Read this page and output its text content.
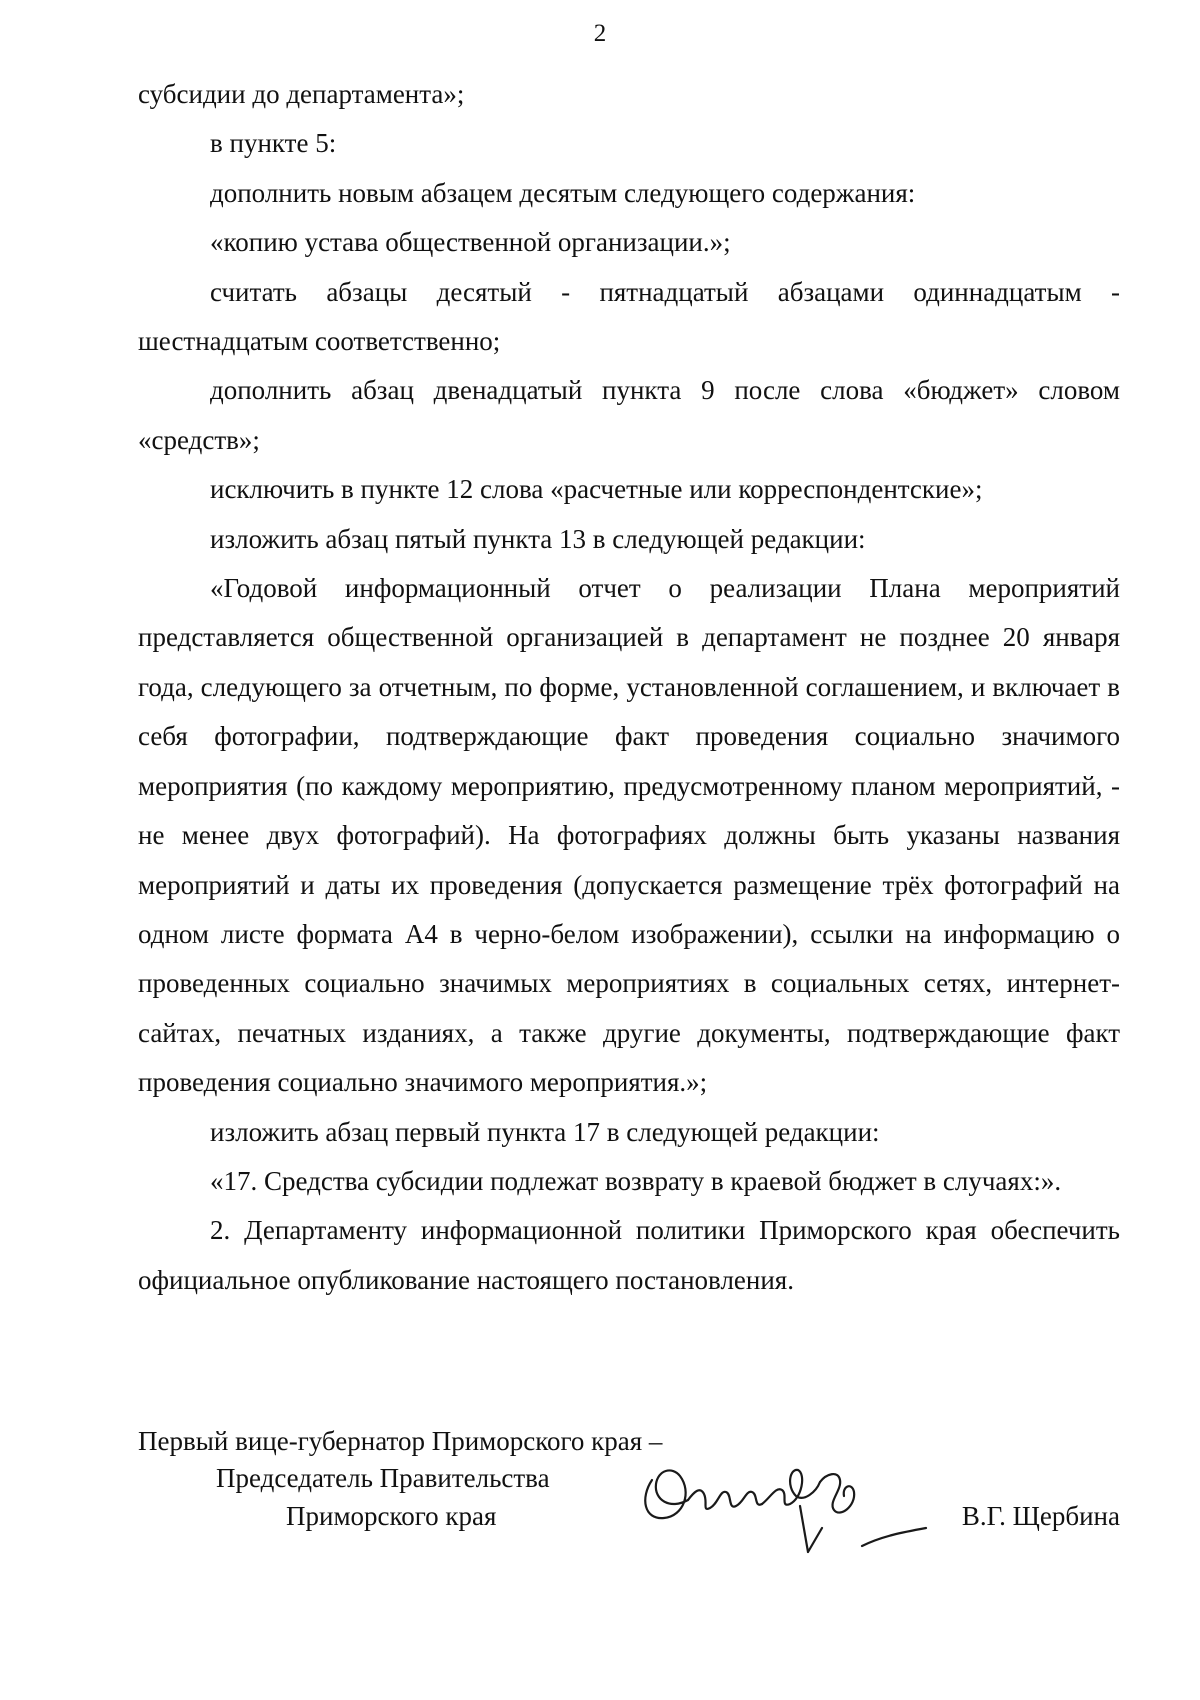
2

субсидии до департамента»;

в пункте 5:

дополнить новым абзацем десятым следующего содержания:

«копию устава общественной организации.»;

считать абзацы десятый - пятнадцатый абзацами одиннадцатым - шестнадцатым соответственно;

дополнить абзац двенадцатый пункта 9 после слова «бюджет» словом «средств»;

исключить в пункте 12 слова «расчетные или корреспондентские»;

изложить абзац пятый пункта 13 в следующей редакции:

«Годовой информационный отчет о реализации Плана мероприятий представляется общественной организацией в департамент не позднее 20 января года, следующего за отчетным, по форме, установленной соглашением, и включает в себя фотографии, подтверждающие факт проведения социально значимого мероприятия (по каждому мероприятию, предусмотренному планом мероприятий, - не менее двух фотографий). На фотографиях должны быть указаны названия мероприятий и даты их проведения (допускается размещение трёх фотографий на одном листе формата А4 в черно-белом изображении), ссылки на информацию о проведенных социально значимых мероприятиях в социальных сетях, интернет-сайтах, печатных изданиях, а также другие документы, подтверждающие факт проведения социально значимого мероприятия.»;

изложить абзац первый пункта 17 в следующей редакции:

«17. Средства субсидии подлежат возврату в краевой бюджет в случаях:».

2. Департаменту информационной политики Приморского края обеспечить официальное опубликование настоящего постановления.

Первый вице-губернатор Приморского края –
Председатель Правительства
Приморского края	В.Г. Щербина
